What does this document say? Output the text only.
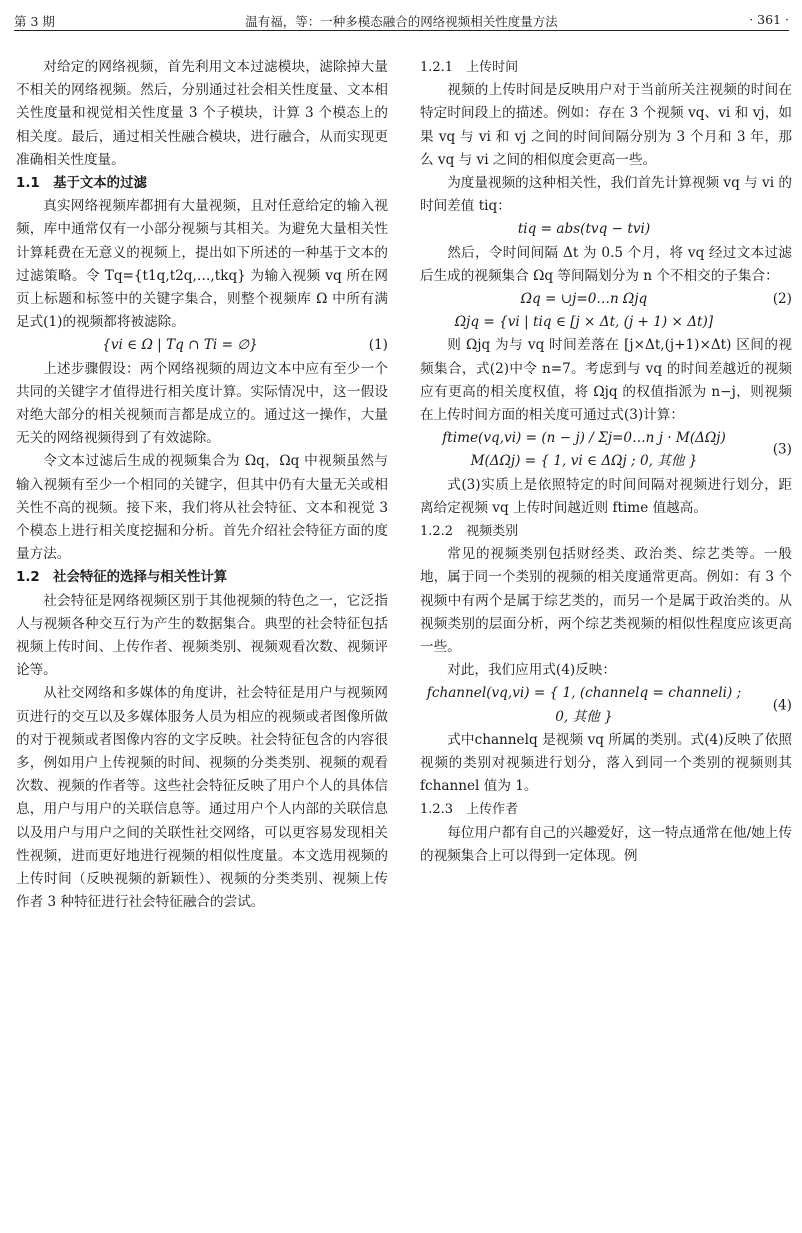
第 3 期	温有福，等：一种多模态融合的网络视频相关性度量方法	· 361 ·

对给定的网络视频，首先利用文本过滤模块，滤除掉大量不相关的网络视频。然后，分别通过社会相关性度量、文本相关性度量和视觉相关性度量 3 个子模块，计算 3 个模态上的相关度。最后，通过相关性融合模块，进行融合，从而实现更准确相关性度量。

1.1　基于文本的过滤

真实网络视频库都拥有大量视频，且对任意给定的输入视频，库中通常仅有一小部分视频与其相关。为避免大量相关性计算耗费在无意义的视频上，提出如下所述的一种基于文本的过滤策略。令 Tq={t1q,t2q,…,tkq} 为输入视频 vq 所在网页上标题和标签中的关键字集合，则整个视频库 Ω 中所有满足式(1)的视频都将被滤除。

{vi ∈ Ω | Tq ∩ Ti = ∅}	(1)

上述步骤假设：两个网络视频的周边文本中应有至少一个共同的关键字才值得进行相关度计算。实际情况中，这一假设对绝大部分的相关视频而言都是成立的。通过这一操作，大量无关的网络视频得到了有效滤除。

令文本过滤后生成的视频集合为 Ωq，Ωq 中视频虽然与输入视频有至少一个相同的关键字，但其中仍有大量无关或相关性不高的视频。接下来，我们将从社会特征、文本和视觉 3 个模态上进行相关度挖掘和分析。首先介绍社会特征方面的度量方法。

1.2　社会特征的选择与相关性计算

社会特征是网络视频区别于其他视频的特色之一，它泛指人与视频各种交互行为产生的数据集合。典型的社会特征包括视频上传时间、上传作者、视频类别、视频观看次数、视频评论等。

从社交网络和多媒体的角度讲，社会特征是用户与视频网页进行的交互以及多媒体服务人员为相应的视频或者图像所做的对于视频或者图像内容的文字反映。社会特征包含的内容很多，例如用户上传视频的时间、视频的分类类别、视频的观看次数、视频的作者等。这些社会特征反映了用户个人的具体信息，用户与用户的关联信息等。通过用户个人内部的关联信息以及用户与用户之间的关联性社交网络，可以更容易发现相关性视频，进而更好地进行视频的相似性度量。本文选用视频的上传时间（反映视频的新颖性）、视频的分类类别、视频上传作者 3 种特征进行社会特征融合的尝试。

1.2.1　上传时间

视频的上传时间是反映用户对于当前所关注视频的时间在特定时间段上的描述。例如：存在 3 个视频 vq、vi 和 vj，如果 vq 与 vi 和 vj 之间的时间间隔分别为 3 个月和 3 年，那么 vq 与 vi 之间的相似度会更高一些。

为度量视频的这种相关性，我们首先计算视频 vq 与 vi 的时间差值 tiq：

tiq = abs(tvq − tvi)

然后，令时间间隔 Δt 为 0.5 个月，将 vq 经过文本过滤后生成的视频集合 Ωq 等间隔划分为 n 个不相交的子集合：

Ωq = ∪j=0…n Ωjq	(2)
Ωjq = {vi | tiq ∈ [j × Δt, (j + 1) × Δt)]

则 Ωjq 为与 vq 时间差落在 [j×Δt,(j+1)×Δt) 区间的视频集合，式(2)中令 n=7。考虑到与 vq 的时间差越近的视频应有更高的相关度权值，将 Ωjq 的权值指派为 n−j，则视频在上传时间方面的相关度可通过式(3)计算：

ftime(vq,vi) = (n − j) / Σj=0…n j · M(ΔΩj)
M(ΔΩj) = { 1, vi ∈ ΔΩj ; 0, 其他 }
(3)

式(3)实质上是依照特定的时间间隔对视频进行划分，距离给定视频 vq 上传时间越近则 ftime 值越高。

1.2.2　视频类别

常见的视频类别包括财经类、政治类、综艺类等。一般地，属于同一个类别的视频的相关度通常更高。例如：有 3 个视频中有两个是属于综艺类的，而另一个是属于政治类的。从视频类别的层面分析，两个综艺类视频的相似性程度应该更高一些。

对此，我们应用式(4)反映：

fchannel(vq,vi) = { 1, (channelq = channeli) ; 0, 其他 }
(4)

式中channelq 是视频 vq 所属的类别。式(4)反映了依照视频的类别对视频进行划分，落入到同一个类别的视频则其 fchannel 值为 1。

1.2.3　上传作者

每位用户都有自己的兴趣爱好，这一特点通常在他/她上传的视频集合上可以得到一定体现。例
